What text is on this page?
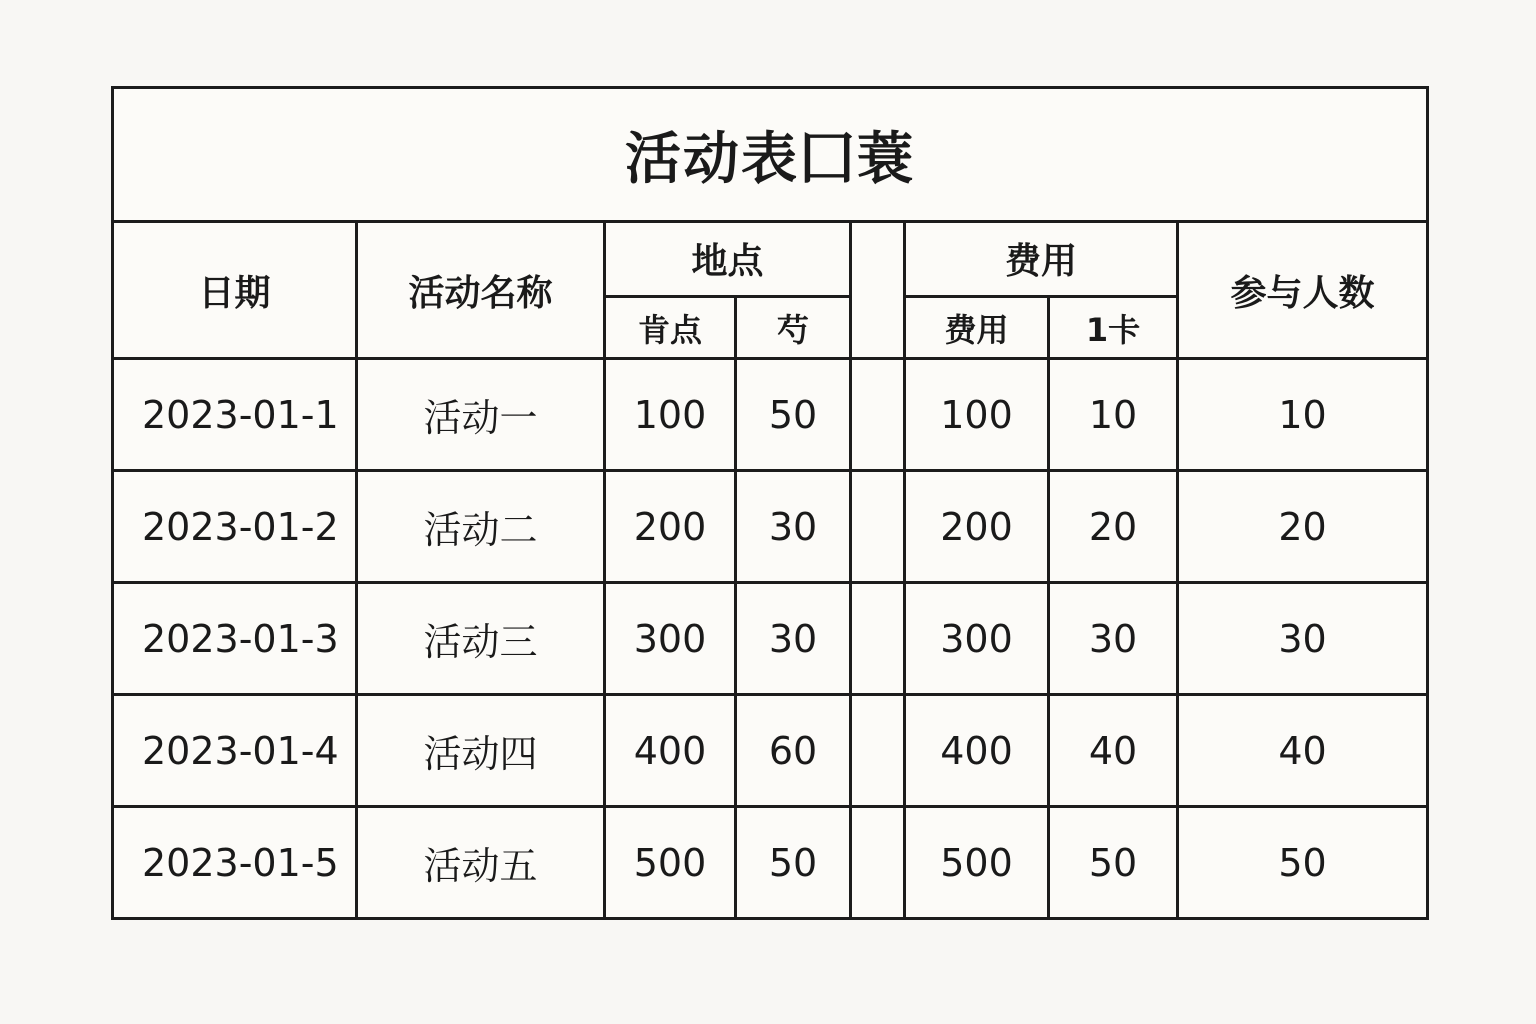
活动表囗蓑							
日期	活动名称	地点			费用		参与人数
		肯点	芍		费用	1卡	
2023-01-1	活动一	100	50		100	10	10
2023-01-2	活动二	200	30		200	20	20
2023-01-3	活动三	300	30		300	30	30
2023-01-4	活动四	400	60		400	40	40
2023-01-5	活动五	500	50		500	50	50
